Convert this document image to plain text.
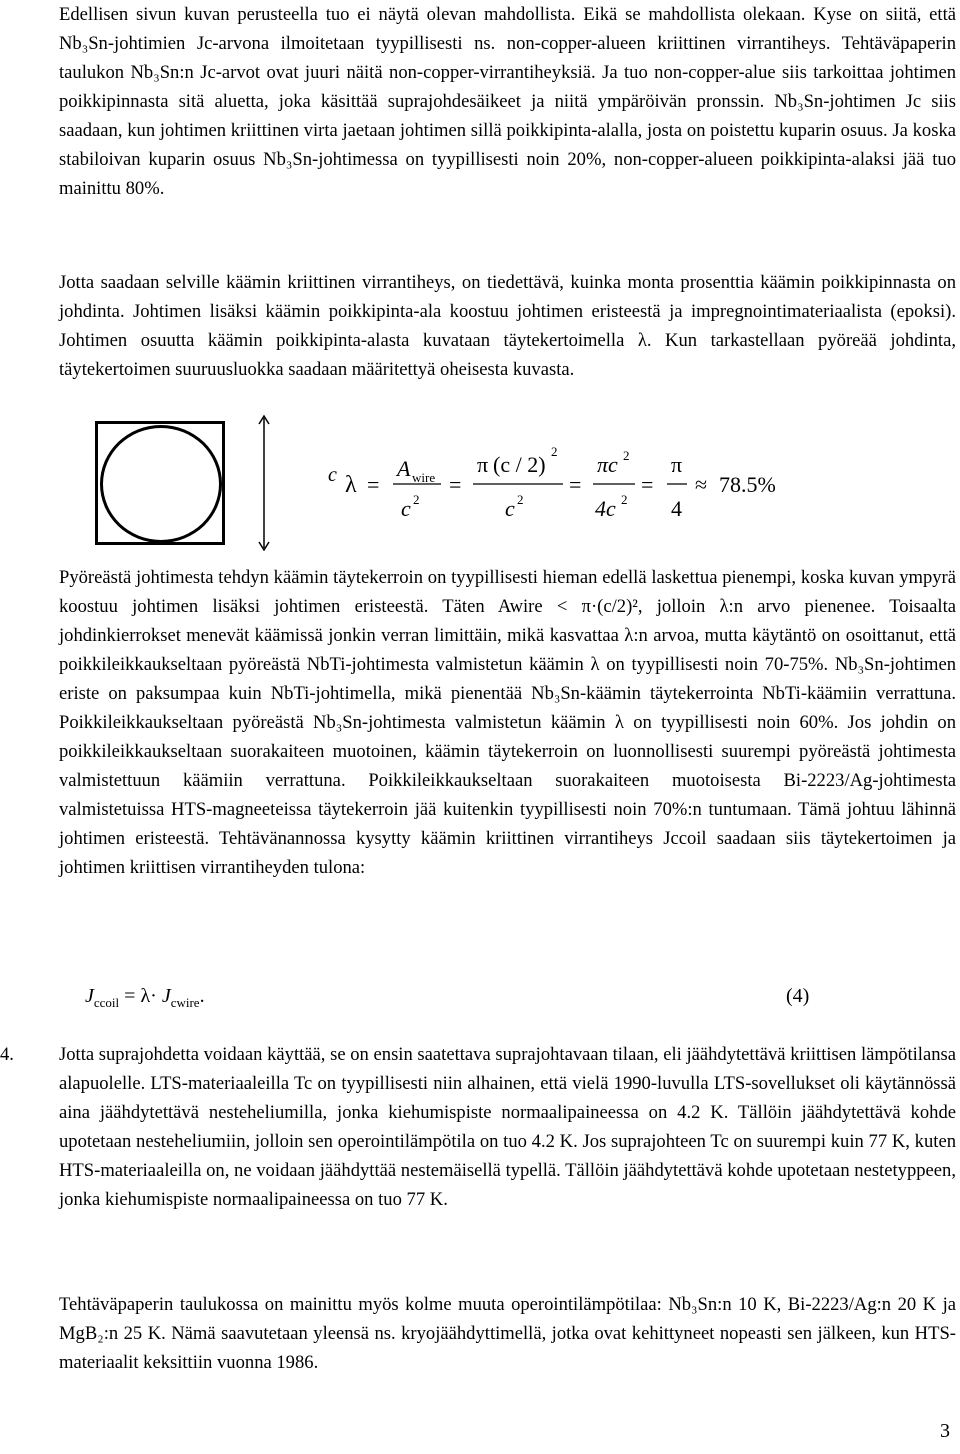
Edellisen sivun kuvan perusteella tuo ei näytä olevan mahdollista. Eikä se mahdollista olekaan. Kyse on siitä, että Nb₃Sn-johtimien Jc-arvona ilmoitetaan tyypillisesti ns. non-copper-alueen kriittinen virrantiheys. Tehtäväpaperin taulukon Nb₃Sn:n Jc-arvot ovat juuri näitä non-copper-virrantiheyksiä. Ja tuo non-copper-alue siis tarkoittaa johtimen poikkipinnasta sitä aluetta, joka käsittää suprajohdesäikeet ja niitä ympäröivän pronssin. Nb₃Sn-johtimen Jc siis saadaan, kun johtimen kriittinen virta jaetaan johtimen sillä poikkipinta-alalla, josta on poistettu kuparin osuus. Ja koska stabiloivan kuparin osuus Nb₃Sn-johtimessa on tyypillisesti noin 20%, non-copper-alueen poikkipinta-alaksi jää tuo mainittu 80%.
Jotta saadaan selville käämin kriittinen virrantiheys, on tiedettävä, kuinka monta prosenttia käämin poikkipinnasta on johdinta. Johtimen lisäksi käämin poikkipinta-ala koostuu johtimen eristeestä ja impregnointimateriaalista (epoksi). Johtimen osuutta käämin poikkipinta-alasta kuvataan täytekertoimella λ. Kun tarkastellaan pyöreää johdinta, täytekertoimen suuruusluokka saadaan määritettyä oheisesta kuvasta.
c λ =
A wire
c 2
=
π (c / 2)
2
c 2
=
πc 2
4c 2
=
π
4
≈ 78.5%
Pyöreästä johtimesta tehdyn käämin täytekerroin on tyypillisesti hieman edellä laskettua pienempi, koska kuvan ympyrä koostuu johtimen lisäksi johtimen eristeestä. Täten Awire < π·(c/2)², jolloin λ:n arvo pienenee. Toisaalta johdinkierrokset menevät käämissä jonkin verran limittäin, mikä kasvattaa λ:n arvoa, mutta käytäntö on osoittanut, että poikkileikkaukseltaan pyöreästä NbTi-johtimesta valmistetun käämin λ on tyypillisesti noin 70-75%. Nb₃Sn-johtimen eriste on paksumpaa kuin NbTi-johtimella, mikä pienentää Nb₃Sn-käämin täytekerrointa NbTi-käämiin verrattuna. Poikkileikkaukseltaan pyöreästä Nb₃Sn-johtimesta valmistetun käämin λ on tyypillisesti noin 60%. Jos johdin on poikkileikkaukseltaan suorakaiteen muotoinen, käämin täytekerroin on luonnollisesti suurempi pyöreästä johtimesta valmistettuun käämiin verrattuna. Poikkileikkaukseltaan suorakaiteen muotoisesta Bi-2223/Ag-johtimesta valmistetuissa HTS-magneeteissa täytekerroin jää kuitenkin tyypillisesti noin 70%:n tuntumaan. Tämä johtuu lähinnä johtimen eristeestä. Tehtävänannossa kysytty käämin kriittinen virrantiheys Jccoil saadaan siis täytekertoimen ja johtimen kriittisen virrantiheyden tulona:
$J_{ccoil} = \lambda\cdot J_{cwire}$.	(4)
4. Jotta suprajohdetta voidaan käyttää, se on ensin saatettava suprajohtavaan tilaan, eli jäähdytettävä kriittisen lämpötilansa alapuolelle. LTS-materiaaleilla Tc on tyypillisesti niin alhainen, että vielä 1990-luvulla LTS-sovellukset oli käytännössä aina jäähdytettävä nesteheliumilla, jonka kiehumispiste normaalipaineessa on 4.2 K. Tällöin jäähdytettävä kohde upotetaan nesteheliumiin, jolloin sen operointilämpötila on tuo 4.2 K. Jos suprajohteen Tc on suurempi kuin 77 K, kuten HTS-materiaaleilla on, ne voidaan jäähdyttää nestemäisellä typellä. Tällöin jäähdytettävä kohde upotetaan nestetyppeen, jonka kiehumispiste normaalipaineessa on tuo 77 K.
Tehtäväpaperin taulukossa on mainittu myös kolme muuta operointilämpötilaa: Nb₃Sn:n 10 K, Bi-2223/Ag:n 20 K ja MgB₂:n 25 K. Nämä saavutetaan yleensä ns. kryojäähdyttimellä, jotka ovat kehittyneet nopeasti sen jälkeen, kun HTS-materiaalit keksittiin vuonna 1986.
3
